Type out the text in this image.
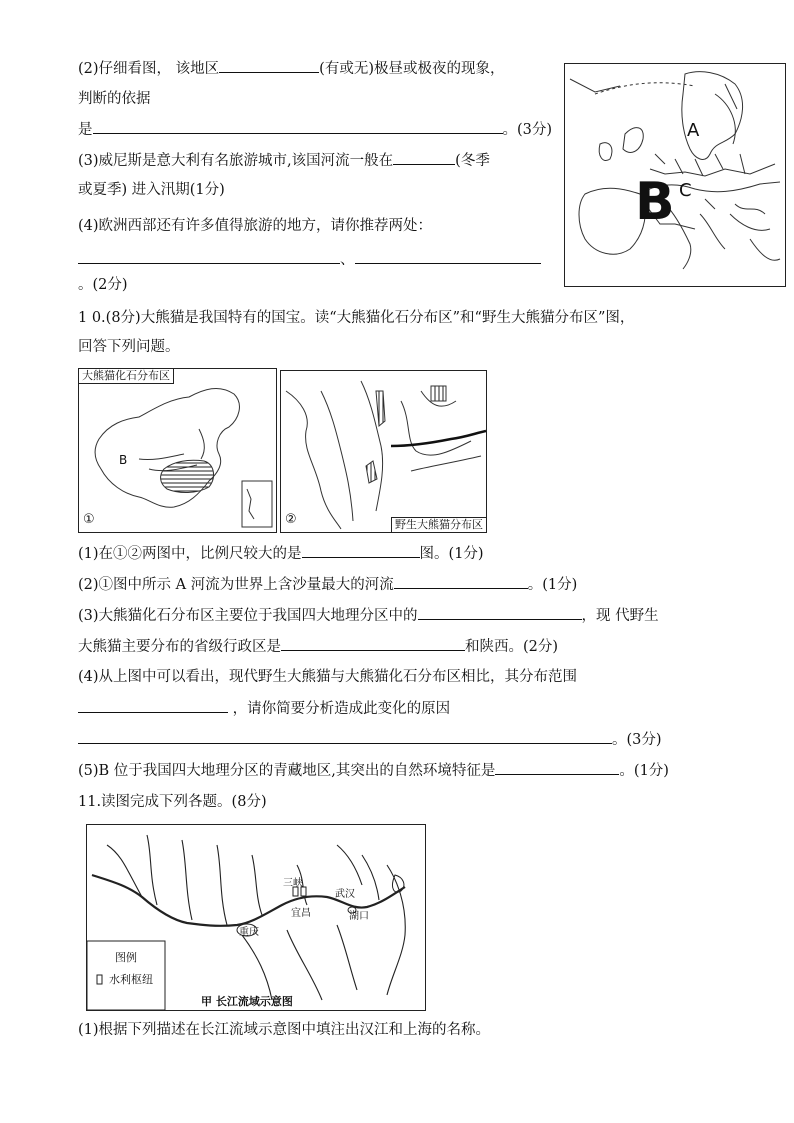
(2)仔细看图， 该地区	(有或无)极昼或极夜的现象，
判断的依据
是	。(3分)
(3)威尼斯是意大利有名旅游城市,该国河流一般在	(冬季
或夏季) 进入汛期(1分)
(4)欧洲西部还有许多值得旅游的地方，请你推荐两处：
、
。(2分)
A
B C
1 0.(8分)大熊猫是我国特有的国宝。读“大熊猫化石分布区”和“野生大熊猫分布区”图，
回答下列问题。
大熊猫化石分布区
①
B
②	野生大熊猫分布区
(1)在①②两图中，比例尺较大的是	图。(1分)
(2)①图中所示 A 河流为世界上含沙量最大的河流	。(1分)
(3)大熊猫化石分布区主要位于我国四大地理分区中的	，现 代野生
大熊猫主要分布的省级行政区是	和陕西。(2分)
(4)从上图中可以看出，现代野生大熊猫与大熊猫化石分布区相比，其分布范围
，请你简要分析造成此变化的原因
。(3分)
(5)B 位于我国四大地理分区的青藏地区,其突出的自然环境特征是	。(1分)
11.读图完成下列各题。(8分)
三峡
宜昌
武汉
湖口
重庆
图例
水利枢纽
甲 长江流域示意图
(1)根据下列描述在长江流域示意图中填注出汉江和上海的名称。
